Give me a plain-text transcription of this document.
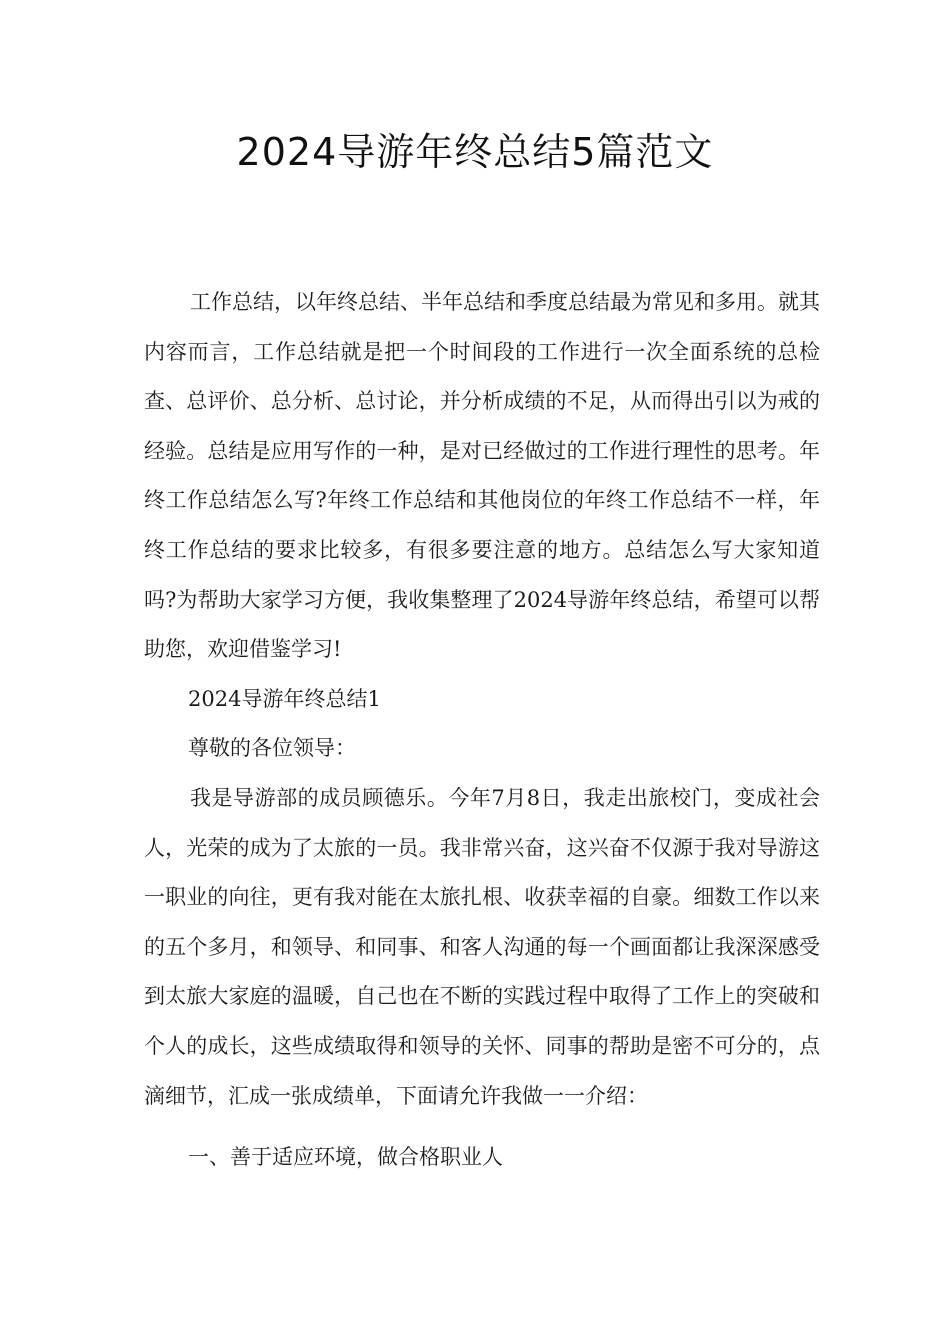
2024导游年终总结5篇范文

工作总结，以年终总结、半年总结和季度总结最为常见和多用。就其内容而言，工作总结就是把一个时间段的工作进行一次全面系统的总检查、总评价、总分析、总讨论，并分析成绩的不足，从而得出引以为戒的经验。总结是应用写作的一种，是对已经做过的工作进行理性的思考。年终工作总结怎么写?年终工作总结和其他岗位的年终工作总结不一样，年终工作总结的要求比较多，有很多要注意的地方。总结怎么写大家知道吗?为帮助大家学习方便，我收集整理了2024导游年终总结，希望可以帮助您，欢迎借鉴学习!

2024导游年终总结1

尊敬的各位领导：

我是导游部的成员顾德乐。今年7月8日，我走出旅校门，变成社会人，光荣的成为了太旅的一员。我非常兴奋，这兴奋不仅源于我对导游这一职业的向往，更有我对能在太旅扎根、收获幸福的自豪。细数工作以来的五个多月，和领导、和同事、和客人沟通的每一个画面都让我深深感受到太旅大家庭的温暖，自己也在不断的实践过程中取得了工作上的突破和个人的成长，这些成绩取得和领导的关怀、同事的帮助是密不可分的，点滴细节，汇成一张成绩单，下面请允许我做一一介绍：

一、善于适应环境，做合格职业人
